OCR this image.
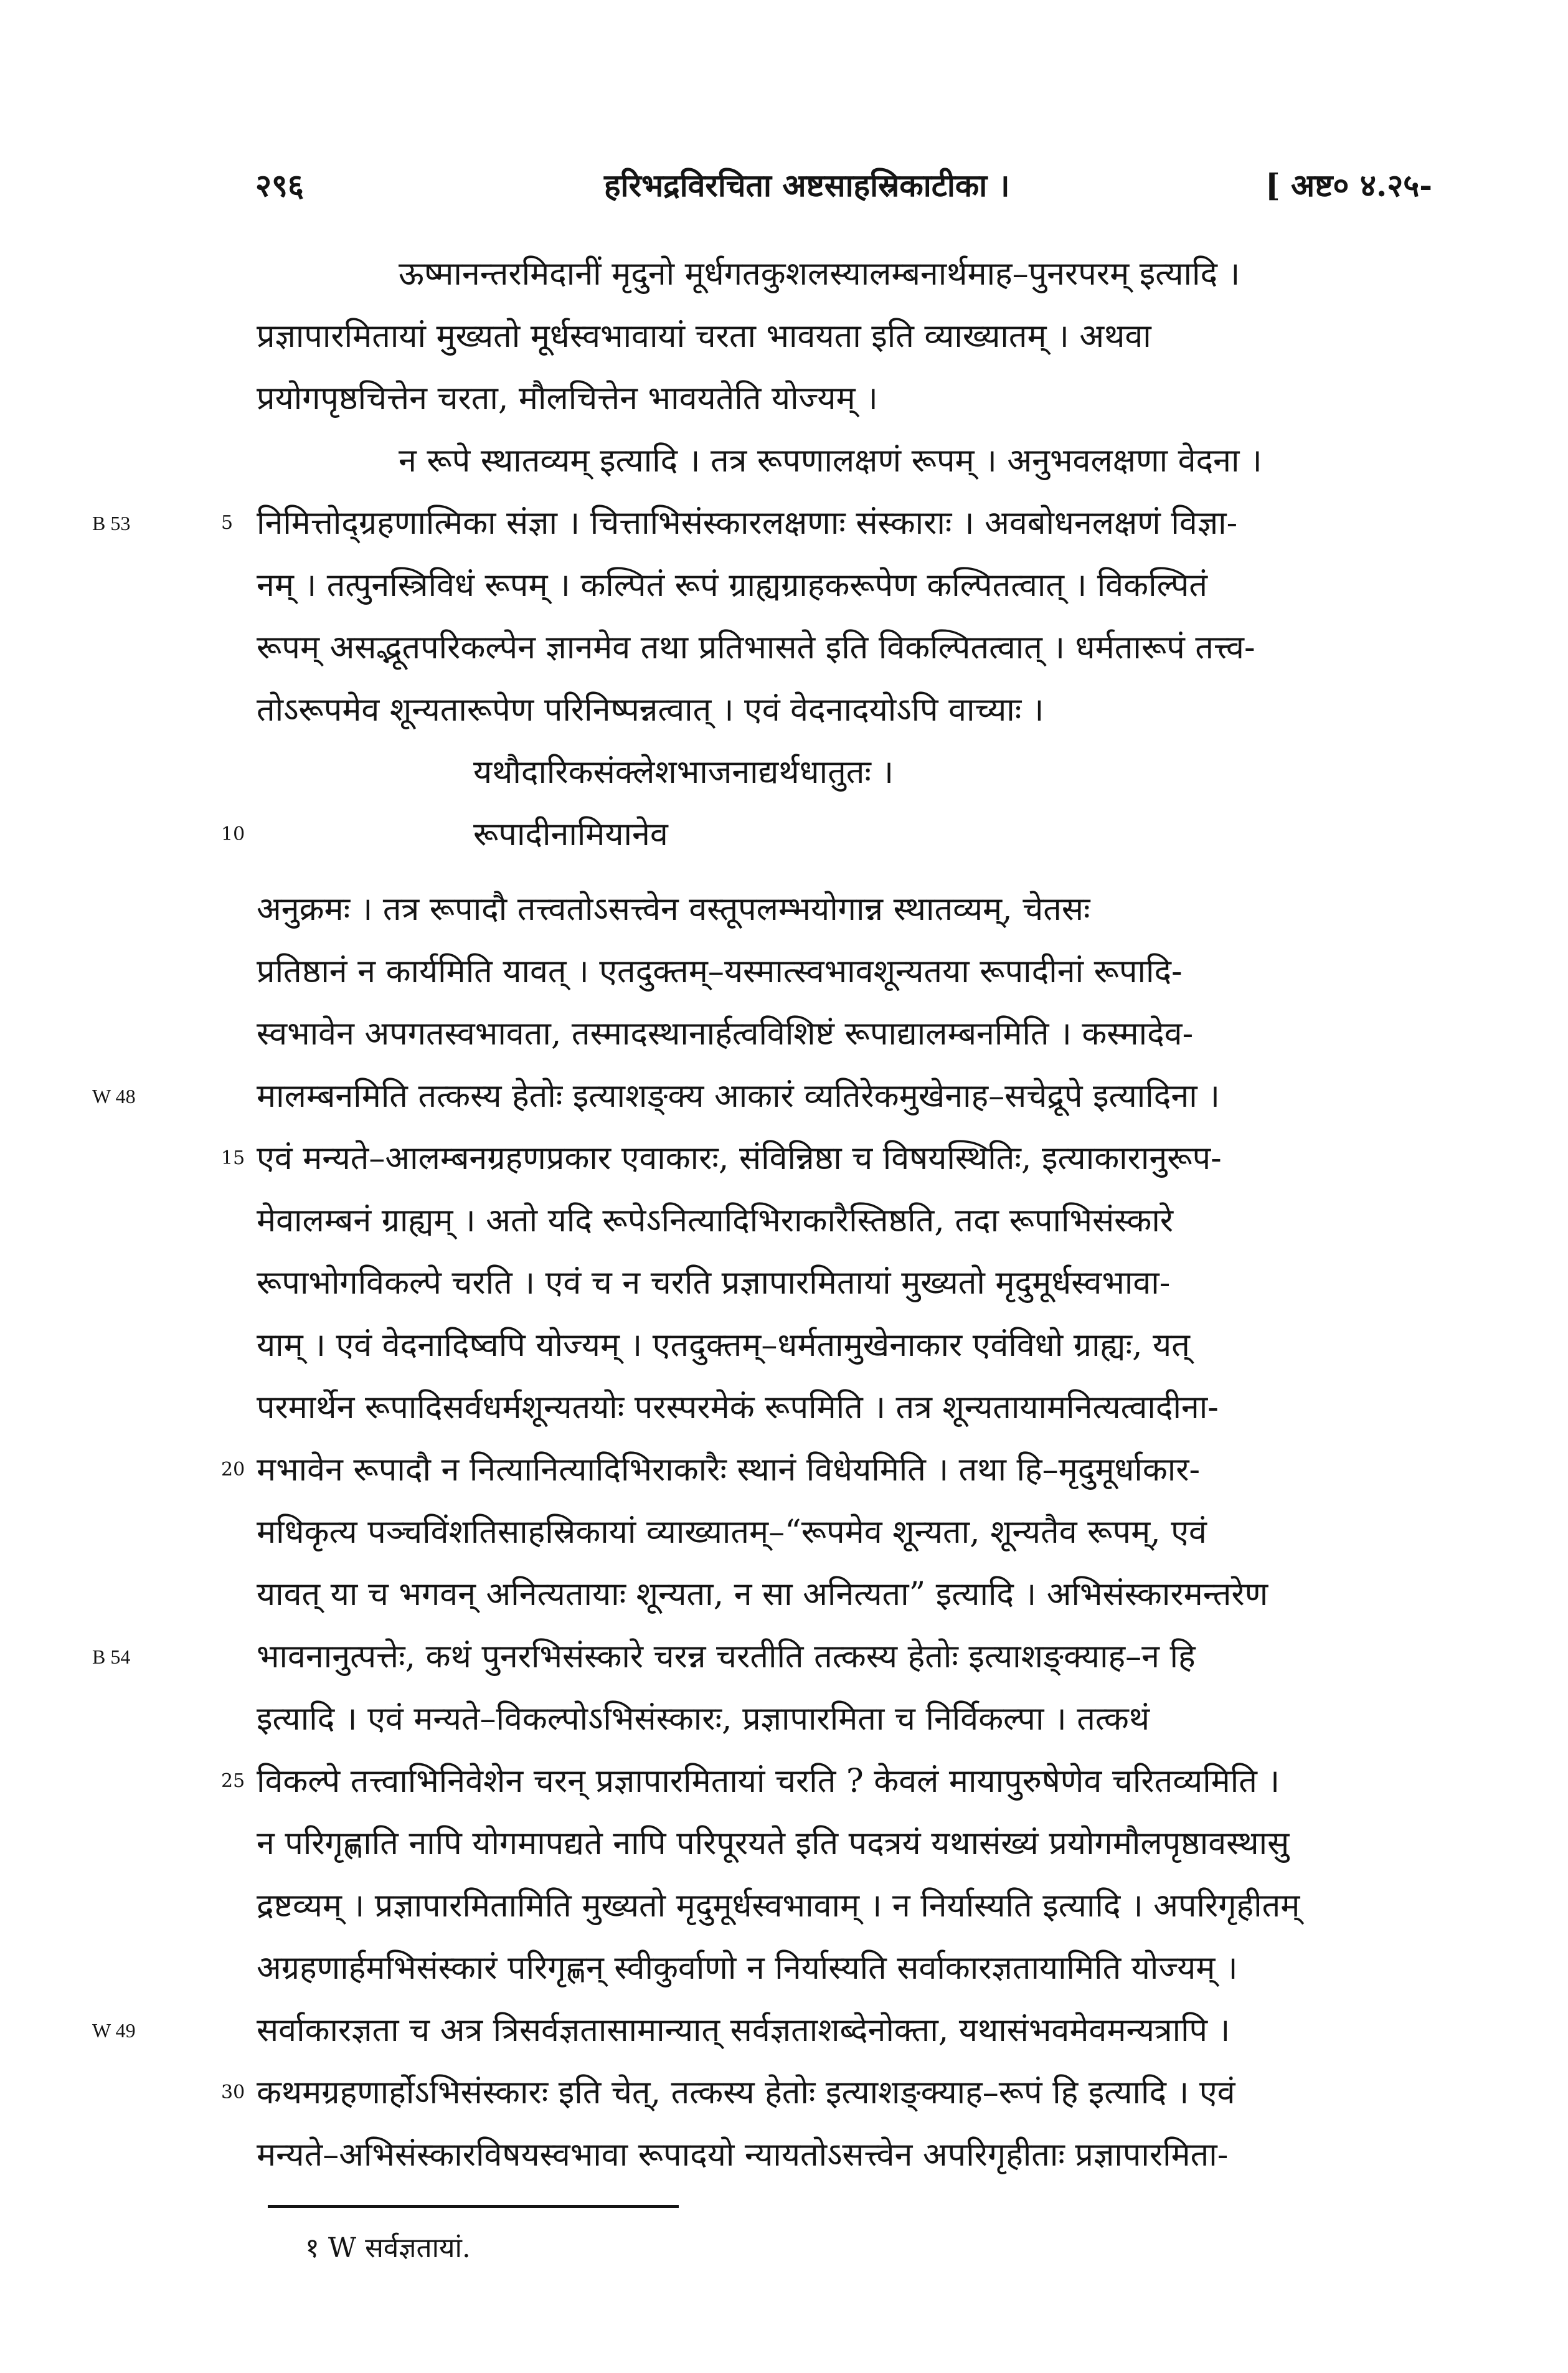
२९६	हरिभद्रविरचिता अष्टसाहस्रिकाटीका ।	[ अष्ट० ४.२५-
ऊष्मानन्तरमिदानीं मृदुनो मूर्धगतकुशलस्यालम्बनार्थमाह–पुनरपरम् इत्यादि ।
प्रज्ञापारमितायां मुख्यतो मूर्धस्वभावायां चरता भावयता इति व्याख्यातम् । अथवा
प्रयोगपृष्ठचित्तेन चरता, मौलचित्तेन भावयतेति योज्यम् ।
न रूपे स्थातव्यम् इत्यादि । तत्र रूपणालक्षणं रूपम् । अनुभवलक्षणा वेदना ।
B 53	5 निमित्तोद्ग्रहणात्मिका संज्ञा । चित्ताभिसंस्कारलक्षणाः संस्काराः । अवबोधनलक्षणं विज्ञा-
नम् । तत्पुनस्त्रिविधं रूपम् । कल्पितं रूपं ग्राह्यग्राहकरूपेण कल्पितत्वात् । विकल्पितं
रूपम् असद्भूतपरिकल्पेन ज्ञानमेव तथा प्रतिभासते इति विकल्पितत्वात् । धर्मतारूपं तत्त्व-
तोऽरूपमेव शून्यतारूपेण परिनिष्पन्नत्वात् । एवं वेदनादयोऽपि वाच्याः ।
यथौदारिकसंक्लेशभाजनाद्यर्थधातुतः ।
10	रूपादीनामियानेव
अनुक्रमः । तत्र रूपादौ तत्त्वतोऽसत्त्वेन वस्तूपलम्भयोगान्न स्थातव्यम्, चेतसः
प्रतिष्ठानं न कार्यमिति यावत् । एतदुक्तम्–यस्मात्स्वभावशून्यतया रूपादीनां रूपादि-
स्वभावेन अपगतस्वभावता, तस्मादस्थानार्हत्वविशिष्टं रूपाद्यालम्बनमिति । कस्मादेव-
W 48	मालम्बनमिति तत्कस्य हेतोः इत्याशङ्क्य आकारं व्यतिरेकमुखेनाह–सचेद्रूपे इत्यादिना ।
15 एवं मन्यते–आलम्बनग्रहणप्रकार एवाकारः, संविन्निष्ठा च विषयस्थितिः, इत्याकारानुरूप-
मेवालम्बनं ग्राह्यम् । अतो यदि रूपेऽनित्यादिभिराकारैस्तिष्ठति, तदा रूपाभिसंस्कारे
रूपाभोगविकल्पे चरति । एवं च न चरति प्रज्ञापारमितायां मुख्यतो मृदुमूर्धस्वभावा-
याम् । एवं वेदनादिष्वपि योज्यम् । एतदुक्तम्–धर्मतामुखेनाकार एवंविधो ग्राह्यः, यत्
परमार्थेन रूपादिसर्वधर्मशून्यतयोः परस्परमेकं रूपमिति । तत्र शून्यतायामनित्यत्वादीना-
20 मभावेन रूपादौ न नित्यानित्यादिभिराकारैः स्थानं विधेयमिति । तथा हि–मृदुमूर्धाकार-
मधिकृत्य पञ्चविंशतिसाहस्रिकायां व्याख्यातम्–“रूपमेव शून्यता, शून्यतैव रूपम्, एवं
यावत् या च भगवन् अनित्यतायाः शून्यता, न सा अनित्यता” इत्यादि । अभिसंस्कारमन्तरेण
B 54	भावनानुत्पत्तेः, कथं पुनरभिसंस्कारे चरन्न चरतीति तत्कस्य हेतोः इत्याशङ्क्याह–न हि
इत्यादि । एवं मन्यते–विकल्पोऽभिसंस्कारः, प्रज्ञापारमिता च निर्विकल्पा । तत्कथं
25 विकल्पे तत्त्वाभिनिवेशेन चरन् प्रज्ञापारमितायां चरति ? केवलं मायापुरुषेणेव चरितव्यमिति ।
न परिगृह्णाति नापि योगमापद्यते नापि परिपूरयते इति पदत्रयं यथासंख्यं प्रयोगमौलपृष्ठावस्थासु
द्रष्टव्यम् । प्रज्ञापारमितामिति मुख्यतो मृदुमूर्धस्वभावाम् । न निर्यास्यति इत्यादि । अपरिगृहीतम्
अग्रहणार्हमभिसंस्कारं परिगृह्णन् स्वीकुर्वाणो न निर्यास्यति सर्वाकारज्ञतायामिति योज्यम् ।
W 49	सर्वाकारज्ञता च अत्र त्रिसर्वज्ञतासामान्यात् सर्वज्ञताशब्देनोक्ता, यथासंभवमेवमन्यत्रापि ।
30 कथमग्रहणार्होऽभिसंस्कारः इति चेत्, तत्कस्य हेतोः इत्याशङ्क्याह–रूपं हि इत्यादि । एवं
मन्यते–अभिसंस्कारविषयस्वभावा रूपादयो न्यायतोऽसत्त्वेन अपरिगृहीताः प्रज्ञापारमिता-
१ W सर्वज्ञतायां.
